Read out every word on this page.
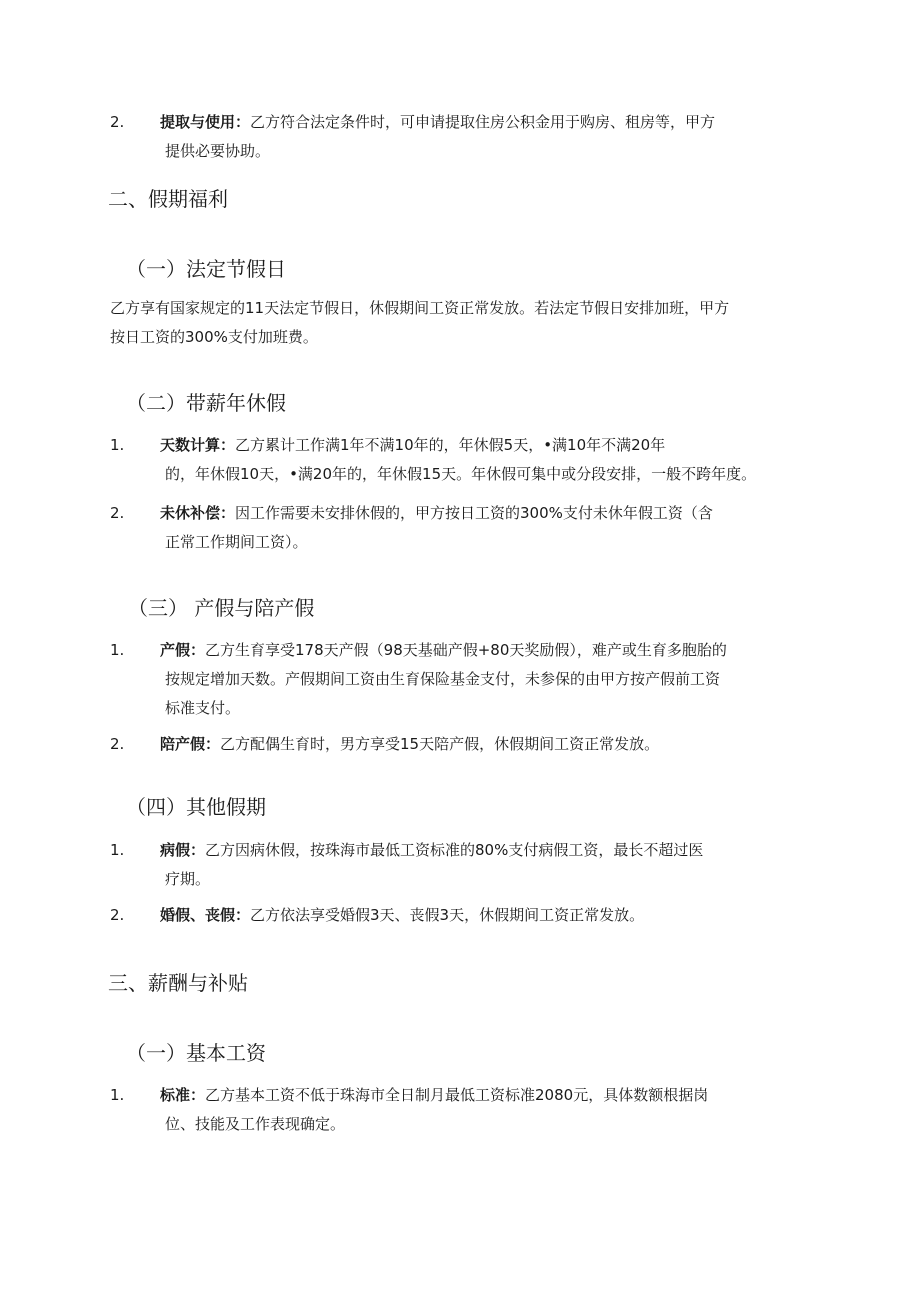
2.	提取与使用：乙方符合法定条件时，可申请提取住房公积金用于购房、租房等，甲方
提供必要协助。
二、假期福利
（一）法定节假日
乙方享有国家规定的11天法定节假日，休假期间工资正常发放。若法定节假日安排加班，甲方
按日工资的300%支付加班费。
（二）带薪年休假
1.	天数计算：乙方累计工作满1年不满10年的，年休假5天，•满10年不满20年
的，年休假10天，•满20年的，年休假15天。年休假可集中或分段安排，一般不跨年度。
2.	未休补偿：因工作需要未安排休假的，甲方按日工资的300%支付未休年假工资（含
正常工作期间工资）。
（三） 产假与陪产假
1.	产假：乙方生育享受178天产假（98天基础产假+80天奖励假），难产或生育多胞胎的
按规定增加天数。产假期间工资由生育保险基金支付，未参保的由甲方按产假前工资
标准支付。
2.	陪产假：乙方配偶生育时，男方享受15天陪产假，休假期间工资正常发放。
（四）其他假期
1.	病假：乙方因病休假，按珠海市最低工资标准的80%支付病假工资，最长不超过医
疗期。
2.	婚假、丧假：乙方依法享受婚假3天、丧假3天，休假期间工资正常发放。
三、薪酬与补贴
（一）基本工资
1.	标准：乙方基本工资不低于珠海市全日制月最低工资标准2080元，具体数额根据岗
位、技能及工作表现确定。
